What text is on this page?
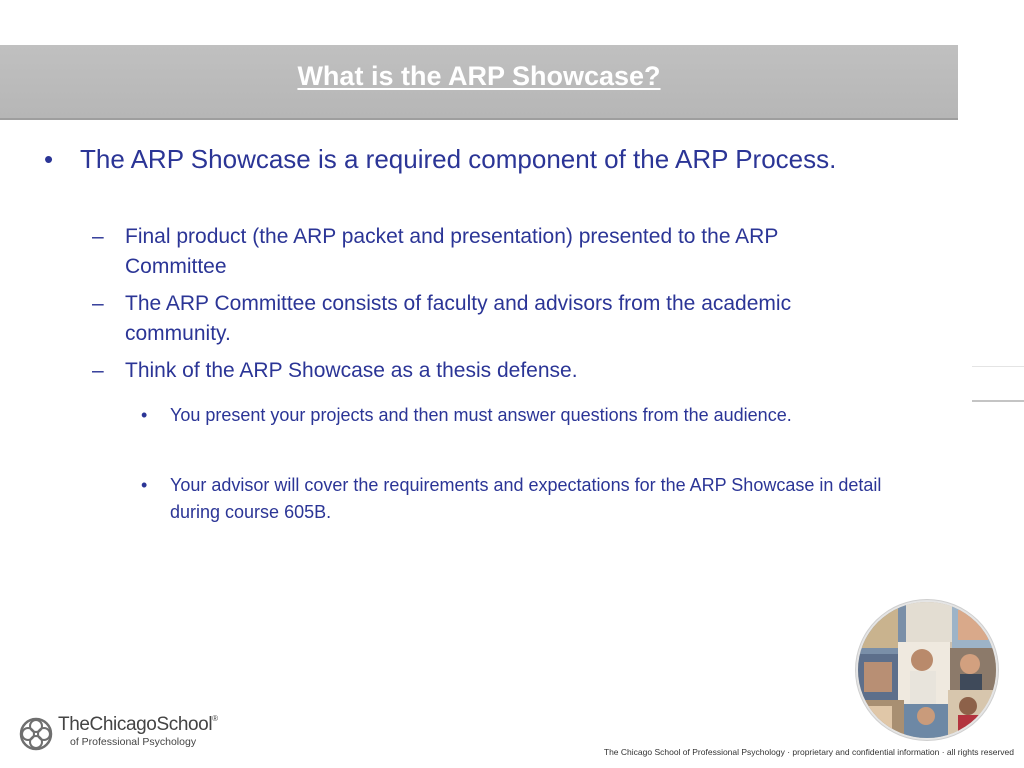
What is the ARP Showcase?
• The ARP Showcase is a required component of the ARP Process.
– Final product (the ARP packet and presentation) presented to the ARP Committee
– The ARP Committee consists of faculty and advisors from the academic community.
– Think of the ARP Showcase as a thesis defense.
• You present your projects and then must answer questions from the audience.
• Your advisor will cover the requirements and expectations for the ARP Showcase in detail during course 605B.
TheChicagoSchool®
of Professional Psychology
The Chicago School of Professional Psychology · proprietary and confidential information · all rights reserved
